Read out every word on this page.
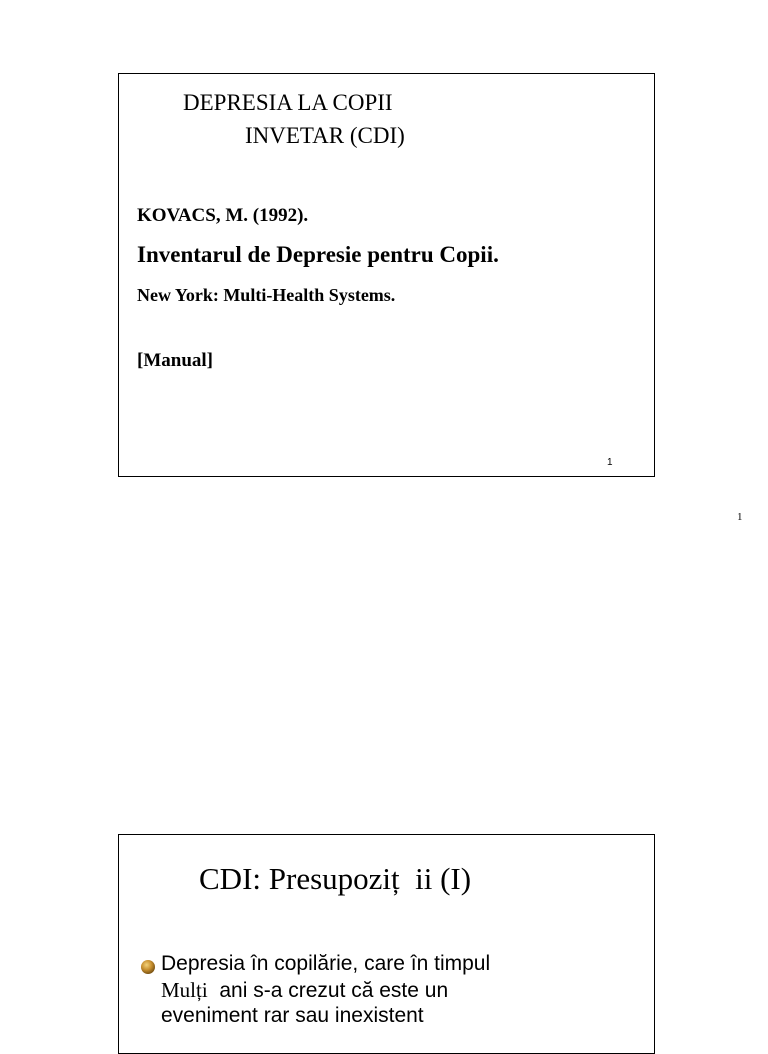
DEPRESIA LA COPII
INVETAR (CDI)
KOVACS, M. (1992).
Inventarul de Depresie pentru Copii.
New York: Multi-Health Systems.
[Manual]
1
1
CDI: Presupoziț  ii (I)
Depresia în copilărie, care în timpul
Mulți  ani s-a crezut că este un
eveniment rar sau inexistent
